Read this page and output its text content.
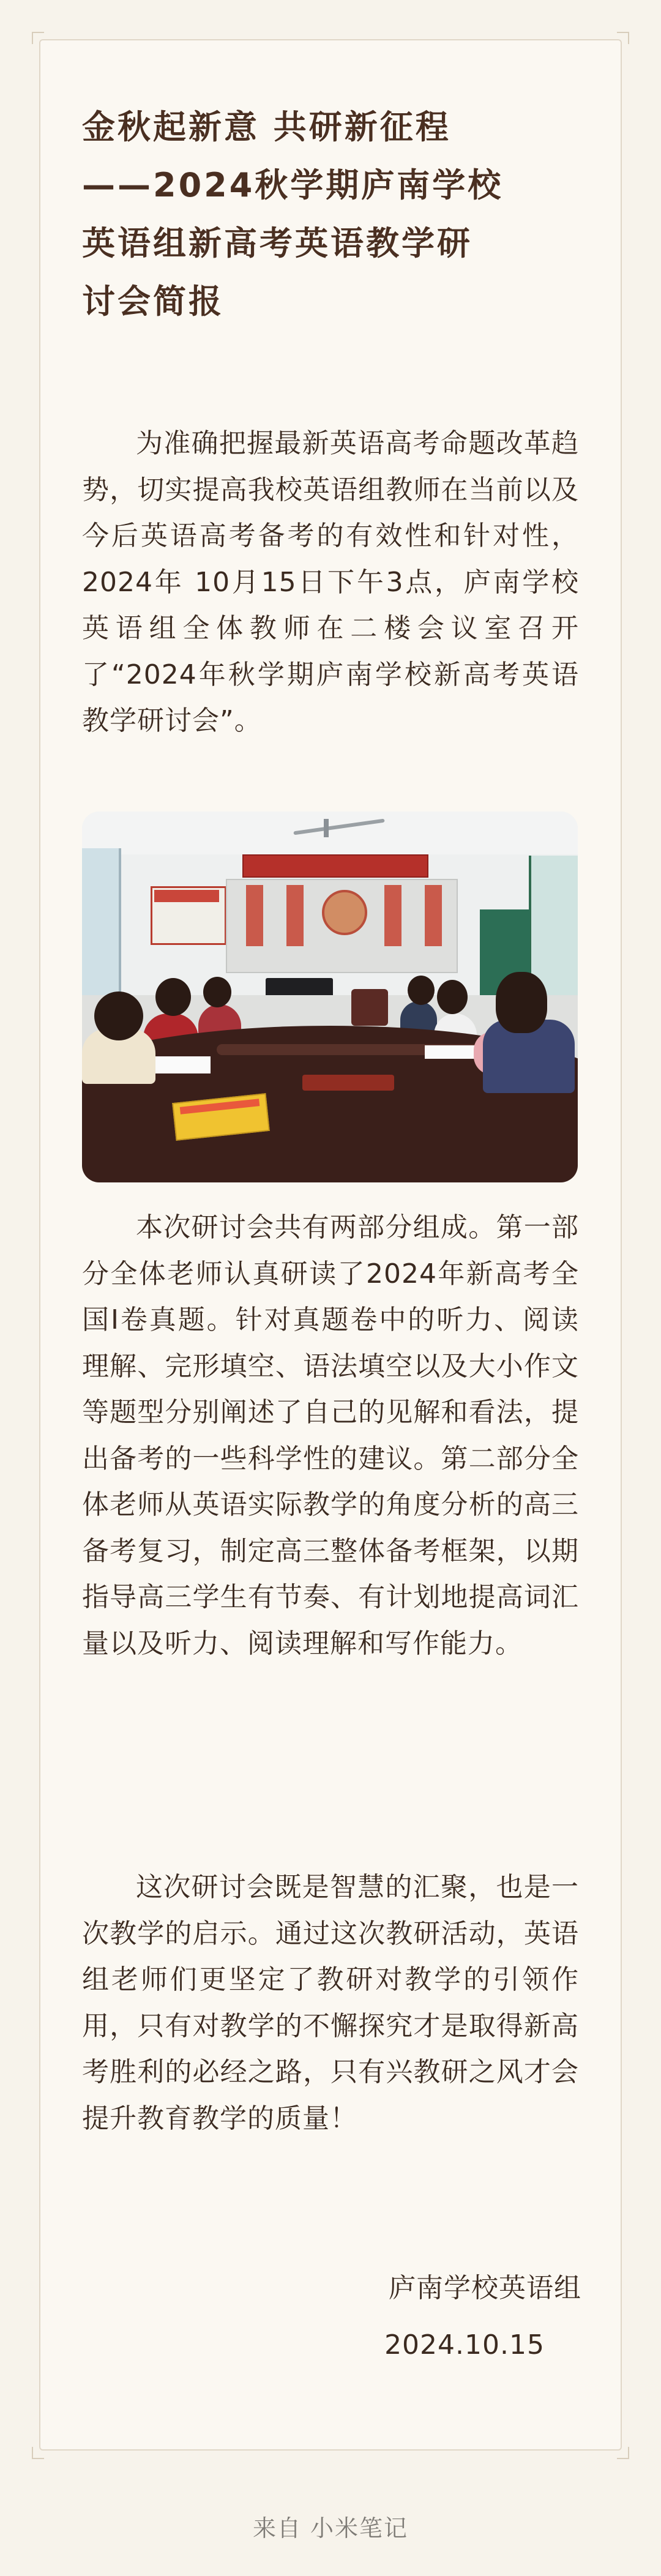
金秋起新意 共研新征程
——2024秋学期庐南学校
英语组新高考英语教学研
讨会简报

为准确把握最新英语高考命题改革趋势，切实提高我校英语组教师在当前以及今后英语高考备考的有效性和针对性，2024年 10月15日下午3点，庐南学校英语组全体教师在二楼会议室召开了“2024年秋学期庐南学校新高考英语教学研讨会”。

本次研讨会共有两部分组成。第一部分全体老师认真研读了2024年新高考全国I卷真题。针对真题卷中的听力、阅读理解、完形填空、语法填空以及大小作文等题型分别阐述了自己的见解和看法，提出备考的一些科学性的建议。第二部分全体老师从英语实际教学的角度分析的高三备考复习，制定高三整体备考框架，以期指导高三学生有节奏、有计划地提高词汇量以及听力、阅读理解和写作能力。

这次研讨会既是智慧的汇聚，也是一次教学的启示。通过这次教研活动，英语组老师们更坚定了教研对教学的引领作用，只有对教学的不懈探究才是取得新高考胜利的必经之路，只有兴教研之风才会提升教育教学的质量！

庐南学校英语组

2024.10.15

来自 小米笔记
